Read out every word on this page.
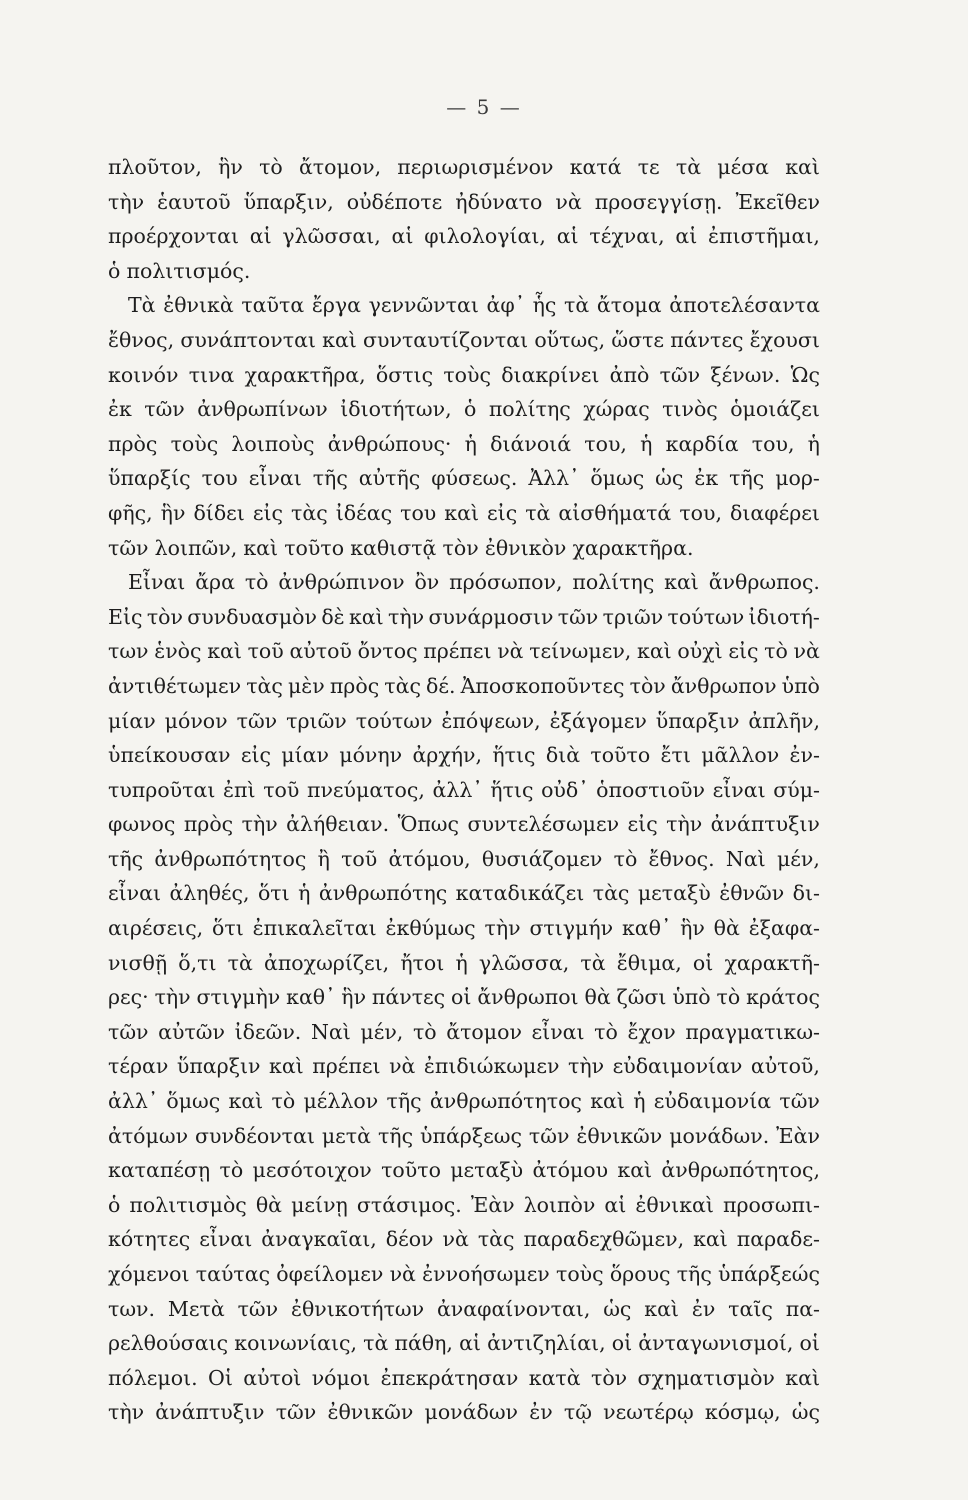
— 5 —
πλοῦτον, ἣν τὸ ἄτομον, περιωρισμένον κατά τε τὰ μέσα καὶ
τὴν ἑαυτοῦ ὕπαρξιν, οὐδέποτε ἠδύνατο νὰ προσεγγίσῃ. Ἐκεῖθεν
προέρχονται αἱ γλῶσσαι, αἱ φιλολογίαι, αἱ τέχναι, αἱ ἐπιστῆμαι,
ὁ πολιτισμός.
Τὰ ἐθνικὰ ταῦτα ἔργα γεννῶνται ἀφ᾽ ἧς τὰ ἄτομα ἀποτελέσαντα
ἔθνος, συνάπτονται καὶ συνταυτίζονται οὕτως, ὥστε πάντες ἔχουσι
κοινόν τινα χαρακτῆρα, ὅστις τοὺς διακρίνει ἀπὸ τῶν ξένων. Ὡς
ἐκ τῶν ἀνθρωπίνων ἰδιοτήτων, ὁ πολίτης χώρας τινὸς ὁμοιάζει
πρὸς τοὺς λοιποὺς ἀνθρώπους· ἡ διάνοιά του, ἡ καρδία του, ἡ
ὕπαρξίς του εἶναι τῆς αὐτῆς φύσεως. Ἀλλ᾽ ὅμως ὡς ἐκ τῆς μορ-
φῆς, ἣν δίδει εἰς τὰς ἰδέας του καὶ εἰς τὰ αἰσθήματά του, διαφέρει
τῶν λοιπῶν, καὶ τοῦτο καθιστᾷ τὸν ἐθνικὸν χαρακτῆρα.
Εἶναι ἄρα τὸ ἀνθρώπινον ὂν πρόσωπον, πολίτης καὶ ἄνθρωπος.
Εἰς τὸν συνδυασμὸν δὲ καὶ τὴν συνάρμοσιν τῶν τριῶν τούτων ἰδιοτή-
των ἑνὸς καὶ τοῦ αὐτοῦ ὄντος πρέπει νὰ τείνωμεν, καὶ οὐχὶ εἰς τὸ νὰ
ἀντιθέτωμεν τὰς μὲν πρὸς τὰς δέ. Ἀποσκοποῦντες τὸν ἄνθρωπον ὑπὸ
μίαν μόνον τῶν τριῶν τούτων ἐπόψεων, ἐξάγομεν ὕπαρξιν ἀπλῆν,
ὑπείκουσαν εἰς μίαν μόνην ἀρχήν, ἥτις διὰ τοῦτο ἔτι μᾶλλον ἐν-
τυπροῦται ἐπὶ τοῦ πνεύματος, ἀλλ᾽ ἥτις οὐδ᾽ ὁποστιοῦν εἶναι σύμ-
φωνος πρὸς τὴν ἀλήθειαν. Ὅπως συντελέσωμεν εἰς τὴν ἀνάπτυξιν
τῆς ἀνθρωπότητος ἢ τοῦ ἀτόμου, θυσιάζομεν τὸ ἔθνος. Ναὶ μέν,
εἶναι ἀληθές, ὅτι ἡ ἀνθρωπότης καταδικάζει τὰς μεταξὺ ἐθνῶν δι-
αιρέσεις, ὅτι ἐπικαλεῖται ἐκθύμως τὴν στιγμήν καθ᾽ ἣν θὰ ἐξαφα-
νισθῇ ὅ,τι τὰ ἀποχωρίζει, ἤτοι ἡ γλῶσσα, τὰ ἔθιμα, οἱ χαρακτῆ-
ρες· τὴν στιγμὴν καθ᾽ ἣν πάντες οἱ ἄνθρωποι θὰ ζῶσι ὑπὸ τὸ κράτος
τῶν αὐτῶν ἰδεῶν. Ναὶ μέν, τὸ ἄτομον εἶναι τὸ ἔχον πραγματικω-
τέραν ὕπαρξιν καὶ πρέπει νὰ ἐπιδιώκωμεν τὴν εὐδαιμονίαν αὐτοῦ,
ἀλλ᾽ ὅμως καὶ τὸ μέλλον τῆς ἀνθρωπότητος καὶ ἡ εὐδαιμονία τῶν
ἀτόμων συνδέονται μετὰ τῆς ὑπάρξεως τῶν ἐθνικῶν μονάδων. Ἐὰν
καταπέσῃ τὸ μεσότοιχον τοῦτο μεταξὺ ἀτόμου καὶ ἀνθρωπότητος,
ὁ πολιτισμὸς θὰ μείνῃ στάσιμος. Ἐὰν λοιπὸν αἱ ἐθνικαὶ προσωπι-
κότητες εἶναι ἀναγκαῖαι, δέον νὰ τὰς παραδεχθῶμεν, καὶ παραδε-
χόμενοι ταύτας ὀφείλομεν νὰ ἐννοήσωμεν τοὺς ὅρους τῆς ὑπάρξεώς
των. Μετὰ τῶν ἐθνικοτήτων ἀναφαίνονται, ὡς καὶ ἐν ταῖς πα-
ρελθούσαις κοινωνίαις, τὰ πάθη, αἱ ἀντιζηλίαι, οἱ ἀνταγωνισμοί, οἱ
πόλεμοι. Οἱ αὐτοὶ νόμοι ἐπεκράτησαν κατὰ τὸν σχηματισμὸν καὶ
τὴν ἀνάπτυξιν τῶν ἐθνικῶν μονάδων ἐν τῷ νεωτέρῳ κόσμῳ, ὡς
